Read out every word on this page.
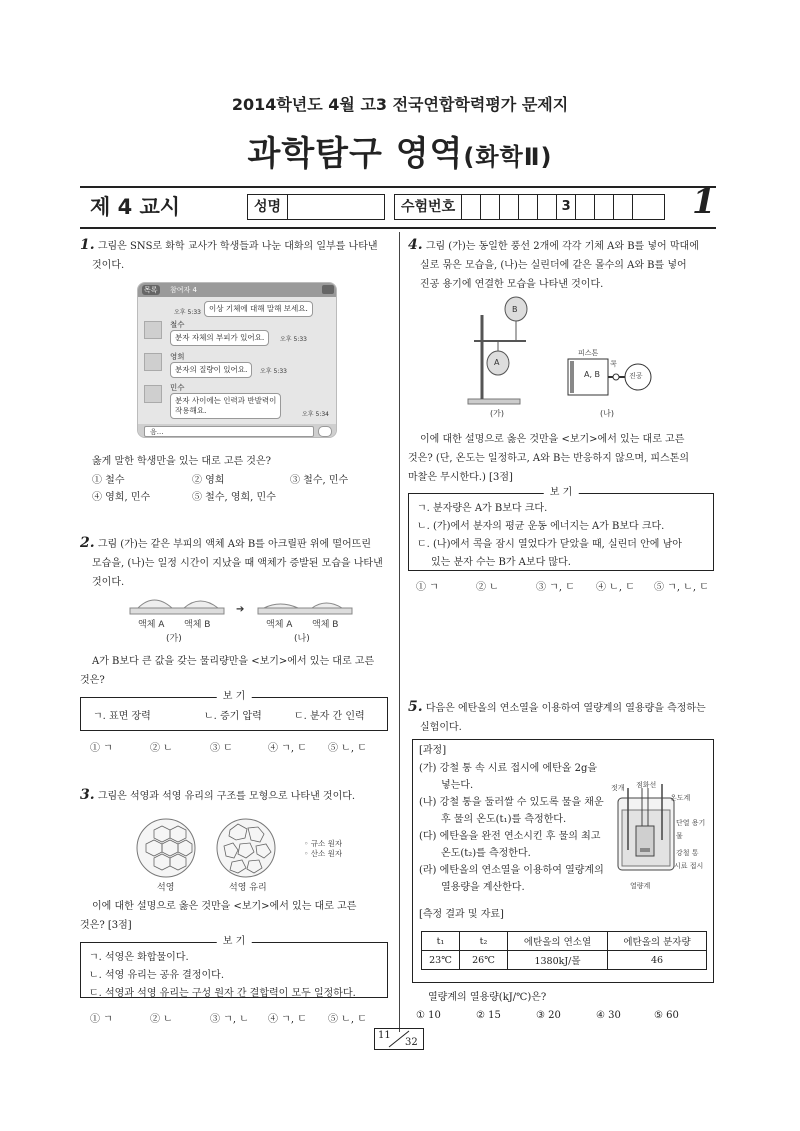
2014학년도 4월 고3 전국연합학력평가 문제지
과학탐구 영역(화학Ⅱ)
제 4 교시	성명	수험번호	3	1
1. 그림은 SNS로 화학 교사가 학생들과 나눈 대화의 일부를 나타낸
것이다.
목록 참여자 4
이상 기체에 대해 말해 보세요.
오후 5:33
철수
분자 자체의 부피가 있어요.	오후 5:33
영희
분자의 질량이 있어요.	오후 5:33
민수
분자 사이에는 인력과 반발력이
작용해요.	오후 5:34
음...
옳게 말한 학생만을 있는 대로 고른 것은?
① 철수	② 영희	③ 철수, 민수
④ 영희, 민수	⑤ 철수, 영희, 민수
2. 그림 (가)는 같은 부피의 액체 A와 B를 아크릴판 위에 떨어뜨린
모습을, (나)는 일정 시간이 지났을 때 액체가 증발된 모습을 나타낸
것이다.
➔
액체 A 액체 B	액체 A 액체 B
(가)	(나)
A가 B보다 큰 값을 갖는 물리량만을 <보기>에서 있는 대로 고른
것은?
보 기
ㄱ. 표면 장력	ㄴ. 증기 압력	ㄷ. 분자 간 인력
① ㄱ	② ㄴ	③ ㄷ	④ ㄱ, ㄷ ⑤ ㄴ, ㄷ
3. 그림은 석영과 석영 유리의 구조를 모형으로 나타낸 것이다.
◦ 규소 원자
◦ 산소 원자
석영	석영 유리
이에 대한 설명으로 옳은 것만을 <보기>에서 있는 대로 고른
것은? [3점]
보 기
ㄱ. 석영은 화합물이다.
ㄴ. 석영 유리는 공유 결정이다.
ㄷ. 석영과 석영 유리는 구성 원자 간 결합력이 모두 일정하다.
① ㄱ	② ㄴ	③ ㄱ, ㄴ ④ ㄱ, ㄷ ⑤ ㄴ, ㄷ
4. 그림 (가)는 동일한 풍선 2개에 각각 기체 A와 B를 넣어 막대에
실로 묶은 모습을, (나)는 실린더에 같은 몰수의 A와 B를 넣어
진공 용기에 연결한 모습을 나타낸 것이다.
B
A
피스톤
콕
A, B	진공
(가)	(나)
이에 대한 설명으로 옳은 것만을 <보기>에서 있는 대로 고른
것은? (단, 온도는 일정하고, A와 B는 반응하지 않으며, 피스톤의
마찰은 무시한다.) [3점]
보 기
ㄱ. 분자량은 A가 B보다 크다.
ㄴ. (가)에서 분자의 평균 운동 에너지는 A가 B보다 크다.
ㄷ. (나)에서 콕을 잠시 열었다가 닫았을 때, 실린더 안에 남아
있는 분자 수는 B가 A보다 많다.
① ㄱ	② ㄴ	③ ㄱ, ㄷ ④ ㄴ, ㄷ ⑤ ㄱ, ㄴ, ㄷ
5. 다음은 에탄올의 연소열을 이용하여 열량계의 열용량을 측정하는
실험이다.
[과정]
(가) 강철 통 속 시료 접시에 에탄올 2g을
넣는다.
(나) 강철 통을 둘러쌀 수 있도록 물을 채운
후 물의 온도(t₁)를 측정한다.
(다) 에탄올을 완전 연소시킨 후 물의 최고
온도(t₂)를 측정한다.
(라) 에탄올의 연소열을 이용하여 열량계의
열용량을 계산한다.
젓개 점화선
온도계
단열 용기
물
강철 통
시료 접시
열량계
[측정 결과 및 자료]
t₁	t₂	에탄올의 연소열	에탄올의 분자량
23℃	26℃	1380kJ/몰	46
열량계의 열용량(kJ/℃)은?
① 10	② 15	③ 20	④ 30	⑤ 60
11
32
